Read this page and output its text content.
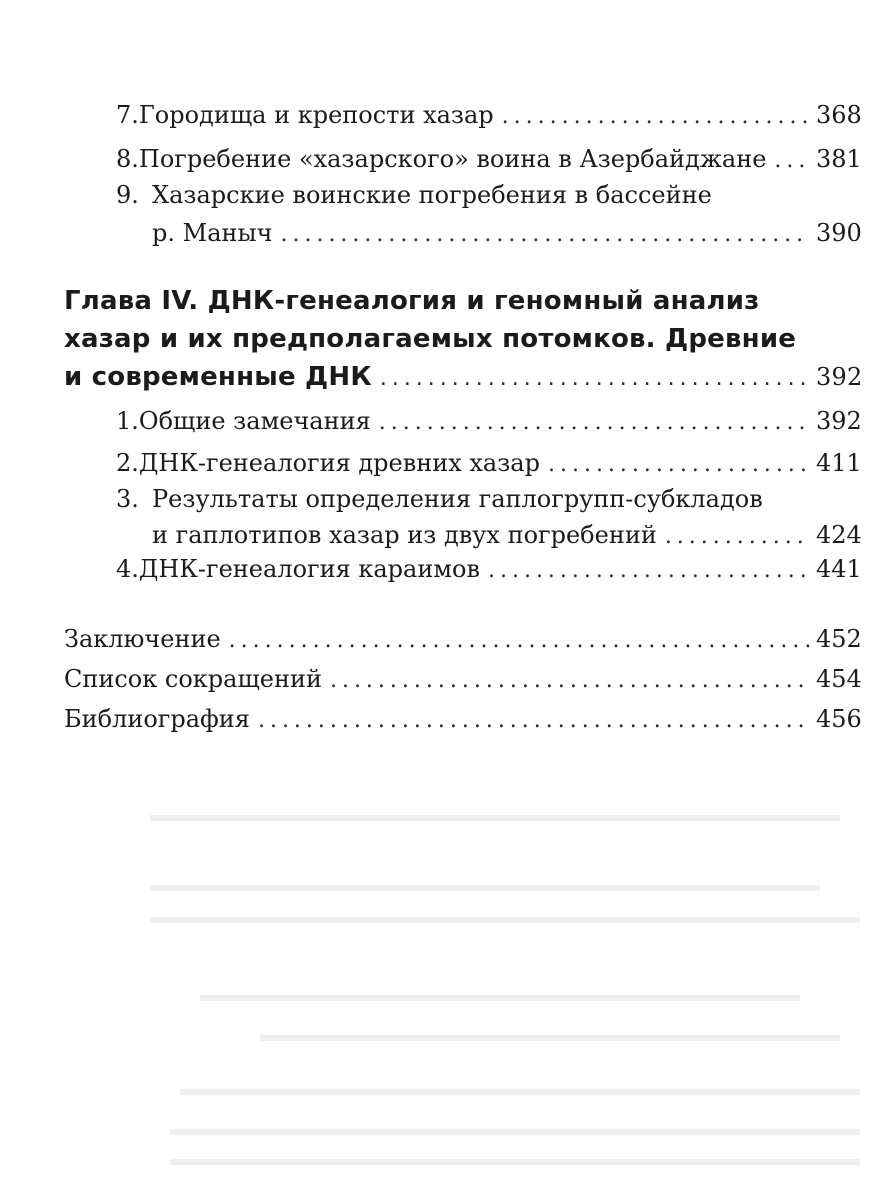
7. Городища и крепости хазар .....	368
8. Погребение «хазарского» воина в Азербайджане ..... 381
9. Хазарские воинские погребения в бассейне
р. Маныч .....	390
Глава IV. ДНК-генеалогия и геномный анализ
хазар и их предполагаемых потомков. Древние
и современные ДНК .....	392
1. Общие замечания .....	392
2. ДНК-генеалогия древних хазар .....	411
3. Результаты определения гаплогрупп-субкладов
и гаплотипов хазар из двух погребений .....	424
4. ДНК-генеалогия караимов .....	441
Заключение .....	452
Список сокращений .....	454
Библиография .....	456
